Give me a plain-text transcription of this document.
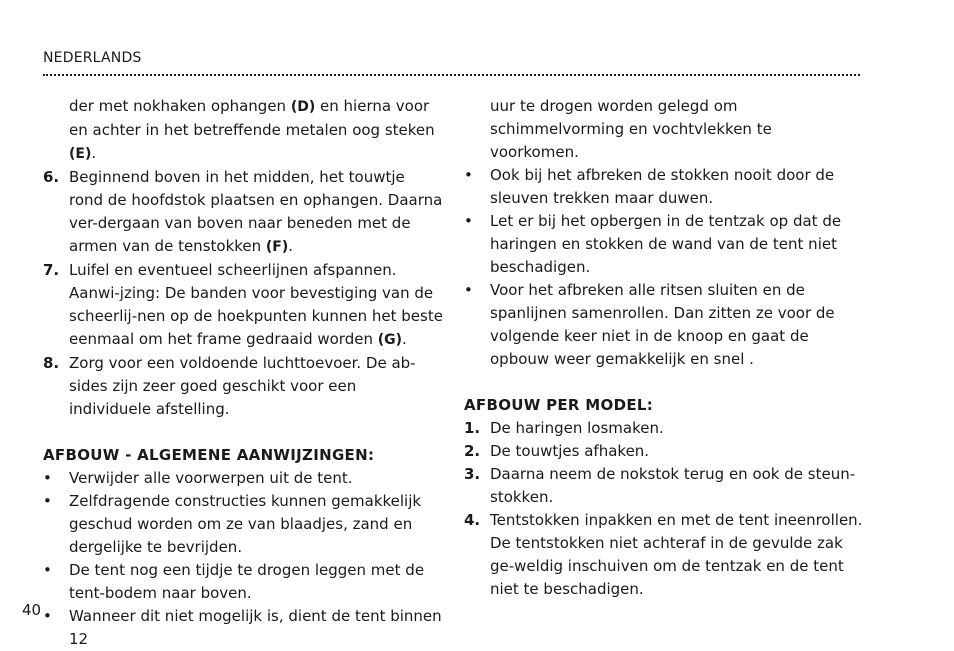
NEDERLANDS

der met nokhaken ophangen (D) en hierna voor en achter in het betreffende metalen oog steken (E).

6. Beginnend boven in het midden, het touwtje rond de hoofdstok plaatsen en ophangen. Daarna ver-dergaan van boven naar beneden met de armen van de tenstokken (F).
7. Luifel en eventueel scheerlijnen afspannen. Aanwi-jzing: De banden voor bevestiging van de scheerlij-nen op de hoekpunten kunnen het beste eenmaal om het frame gedraaid worden (G).
8. Zorg voor een voldoende luchttoevoer. De ab-sides zijn zeer goed geschikt voor een individuele afstelling.
AFBOUW - ALGEMENE AANWIJZINGEN:
•	Verwijder alle voorwerpen uit de tent.
•	Zelfdragende constructies kunnen gemakkelijk geschud worden om ze van blaadjes, zand en dergelijke te bevrijden.
•	De tent nog een tijdje te drogen leggen met de tent-bodem naar boven.
•	Wanneer dit niet mogelijk is, dient de tent binnen 12

uur te drogen worden gelegd om schimmelvorming en vochtvlekken te voorkomen.

•	Ook bij het afbreken de stokken nooit door de sleuven trekken maar duwen.
•	Let er bij het opbergen in de tentzak op dat de haringen en stokken de wand van de tent niet beschadigen.
•	Voor het afbreken alle ritsen sluiten en de spanlijnen samenrollen. Dan zitten ze voor de volgende keer niet in de knoop en gaat de opbouw weer gemakkelijk en snel .
AFBOUW PER MODEL:
1. De haringen losmaken.
2. De touwtjes afhaken.
3. Daarna neem de nokstok terug en ook de steun-stokken.
4. Tentstokken inpakken en met de tent ineenrollen. De tentstokken niet achteraf in de gevulde zak ge-weldig inschuiven om de tentzak en de tent niet te beschadigen.
40
